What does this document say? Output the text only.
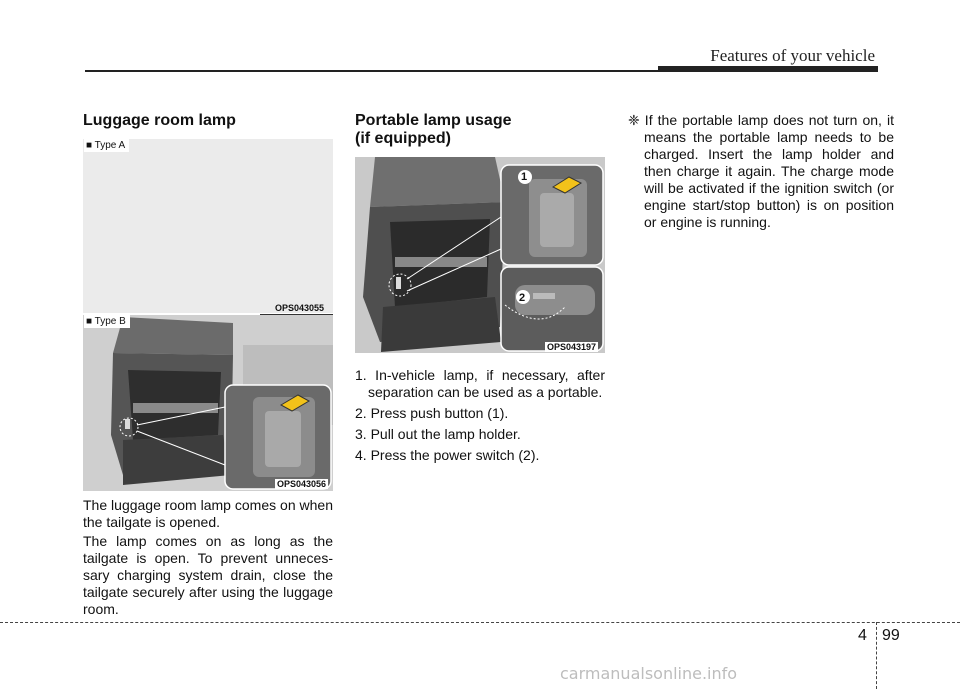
Features of your vehicle
Luggage room lamp
■ Type A
OPS043055
■ Type B
OPS043056

The luggage room lamp comes on when the tailgate is opened.

The lamp comes on as long as the tailgate is open. To prevent unneces-sary charging system drain, close the tailgate securely after using the luggage room.

Portable lamp usage
(if equipped)
1
2
OPS043197
1. In-vehicle lamp, if necessary, after separation can be used as a portable.
2. Press push button (1).
3. Pull out the lamp holder.
4. Press the power switch (2).
❈ If the portable lamp does not turn on, it means the portable lamp needs to be charged. Insert the lamp holder and then charge it again. The charge mode will be activated if the ignition switch (or engine start/stop button) is on position or engine is running.
4 99
carmanualsonline.info
